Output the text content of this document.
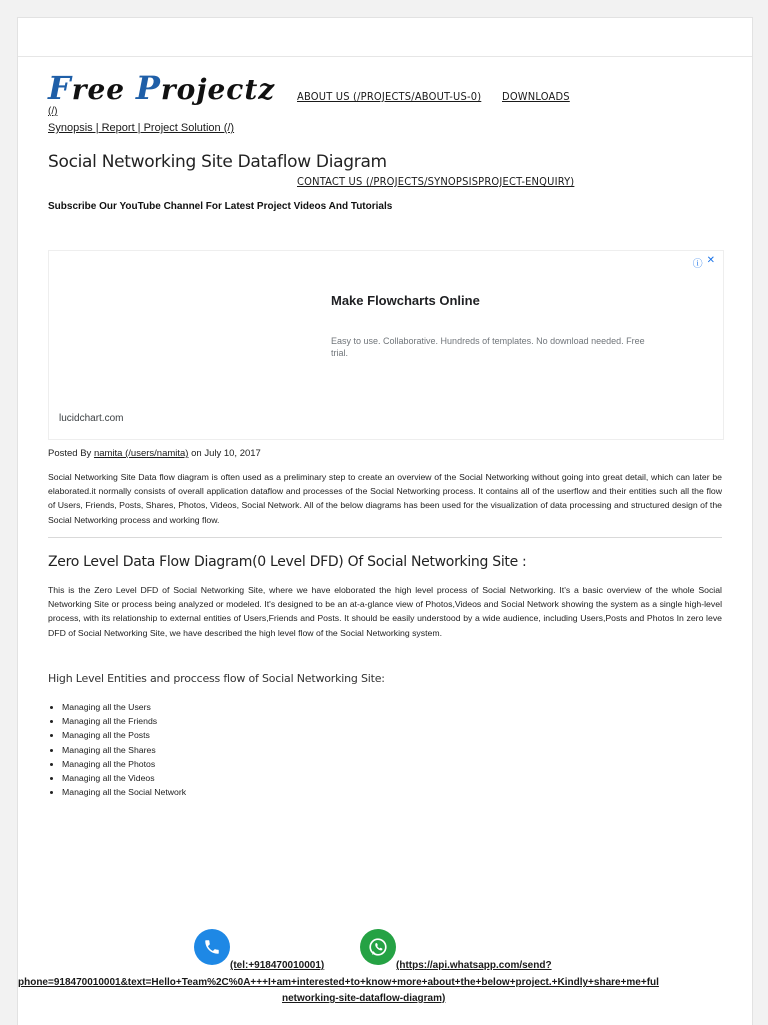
Free Projectz ABOUT US (/PROJECTS/ABOUT-US-0) DOWNLOADS
(/)
Synopsis | Report | Project Solution (/)
Social Networking Site Dataflow Diagram
CONTACT US (/PROJECTS/SYNOPSISPROJECT-ENQUIRY)
Subscribe Our YouTube Channel For Latest Project Videos And Tutorials
ⓘ ✕
Make Flowcharts Online
Easy to use. Collaborative. Hundreds of templates. No download needed. Free trial.
lucidchart.com
Posted By namita (/users/namita) on July 10, 2017

Social Networking Site Data flow diagram is often used as a preliminary step to create an overview of the Social Networking without going into great detail, which can later be elaborated.it normally consists of overall application dataflow and processes of the Social Networking process. It contains all of the userflow and their entities such all the flow of Users, Friends, Posts, Shares, Photos, Videos, Social Network. All of the below diagrams has been used for the visualization of data processing and structured design of the Social Networking process and working flow.

Zero Level Data Flow Diagram(0 Level DFD) Of Social Networking Site :

This is the Zero Level DFD of Social Networking Site, where we have eloborated the high level process of Social Networking. It's a basic overview of the whole Social Networking Site or process being analyzed or modeled. It's designed to be an at-a-glance view of Photos,Videos and Social Network showing the system as a single high-level process, with its relationship to external entities of Users,Friends and Posts. It should be easily understood by a wide audience, including Users,Posts and Photos In zero leve DFD of Social Networking Site, we have described the high level flow of the Social Networking system.

High Level Entities and proccess flow of Social Networking Site:
• Managing all the Users
• Managing all the Friends
• Managing all the Posts
• Managing all the Shares
• Managing all the Photos
• Managing all the Videos
• Managing all the Social Network
(tel:+918470010001)	(https://api.whatsapp.com/send?
phone=918470010001&text=Hello+Team%2C%0A+++I+am+interested+to+know+more+about+the+below+project.+Kindly+share+me+ful
networking-site-dataflow-diagram)
